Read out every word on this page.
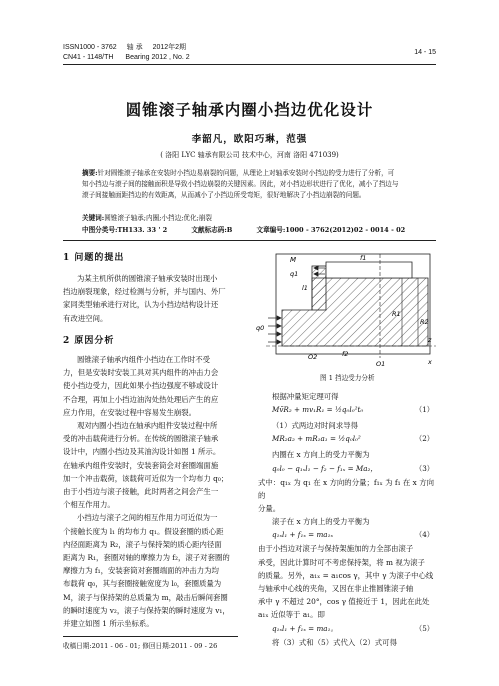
ISSN1000 - 3762 轴 承 2012年2期
CN41 - 1148/TH Bearing 2012 , No. 2
14 - 15
圆锥滚子轴承内圈小挡边优化设计
李韶凡，欧阳巧琳，范强
( 洛阳 LYC 轴承有限公司 技术中心，河南 洛阳 471039)
摘要:针对圆锥滚子轴承在安装时小挡边易崩裂的问题，从理论上对轴承安装时小挡边的受力进行了分析，可
知小挡边与滚子间的接触面积是导致小挡边崩裂的关键因素。因此，对小挡边形状进行了优化，减小了挡边与
滚子间接触面距挡边的有效距离，从而减小了小挡边所受弯矩，很好地解决了小挡边崩裂的问题。
关键词:圆锥滚子轴承;内圈;小挡边;优化;崩裂
中图分类号:TH133. 33 ' 2	文献标志码:B	文章编号:1000 - 3762(2012)02 - 0014 - 02
1 问题的提出
为某主机所供的圆锥滚子轴承安装时出现小
挡边崩裂现象，经过检测与分析，并与国内、外厂
家同类型轴承进行对比，认为小挡边结构设计还
有改进空间。
2 原因分析
圆锥滚子轴承内组件小挡边在工作时不受
力，但是安装时安装工具对其内组件的冲击力会
使小挡边受力，因此如果小挡边强度不够或设计
不合理，再加上小挡边油沟处热处理后产生的应
应力作用，在安装过程中容易发生崩裂。
观对内圈小挡边在轴承内组件安装过程中所
受的冲击载荷进行分析。在传统的圆锥滚子轴承
设计中，内圈小挡边及其油沟设计如图 1 所示。
在轴承内组件安装时，安装套筒会对套圈端面施
加一个冲击载荷，该载荷可近似为一个均布力 q₀；
由于小挡边与滚子接触，此时两者之间会产生一
个相互作用力。
小挡边与滚子之间的相互作用力可近似为一
个接触长度为 l₁ 的均布力 q₁。假设套圈的质心距
内径面距离为 R₂，滚子与保持架的质心距内径面
距离为 R₁，套圈对轴的摩擦力为 f₂，滚子对套圈的
摩擦力为 f₁，安装套筒对套圈端面的冲击力为均
布载荷 q₀，其与套圈接触宽度为 l₀，套圈质量为
M，滚子与保持架的总质量为 m，敲击后瞬间套圈
的瞬时速度为 v₂，滚子与保持架的瞬时速度为 v₁，
并建立如图 1 所示坐标系。
收稿日期:2011 - 06 - 01; 修回日期:2011 - 09 - 26
M
q1
l1
q0
f1
R1
R2
O2	f2
O1
z
x
图 1 挡边受力分析
根据冲量矩定理可得
MṽR₂ + mv₁R₁ = ½q₀l₀²t₀	（1）
（1）式两边对时间求导得
MR₂a₂ + mR₁a₁ = ½q₀l₀²	（2）
内圈在 x 方向上的受力平衡为
q₀l₀ − q₁ₓl₁ − f₂ − f₁ₓ = Ma₂，	（3）
式中：q₁ₓ 为 q₁ 在 x 方向的分量；f₁ₓ 为 f₁ 在 x 方向的
分量。
滚子在 x 方向上的受力平衡为
q₁ₓl₁ + f₁ₓ = ma₁ₓ	（4）
由于小挡边对滚子与保持架施加的力全部由滚子
承受，因此计算时可不考虑保持架，将 m 视为滚子
的质量。另外，a₁ₓ = a₁cos γ，其中 γ 为滚子中心线
与轴承中心线的夹角，又因在非止推圆锥滚子轴
承中 γ 不超过 20°，cos γ 值接近于 1，因此在此处
a₁ₓ 近似等于 a₁。即
q₁ₓl₁ + f₁ₓ = ma₁。	（5）
将（3）式和（5）式代入（2）式可得
